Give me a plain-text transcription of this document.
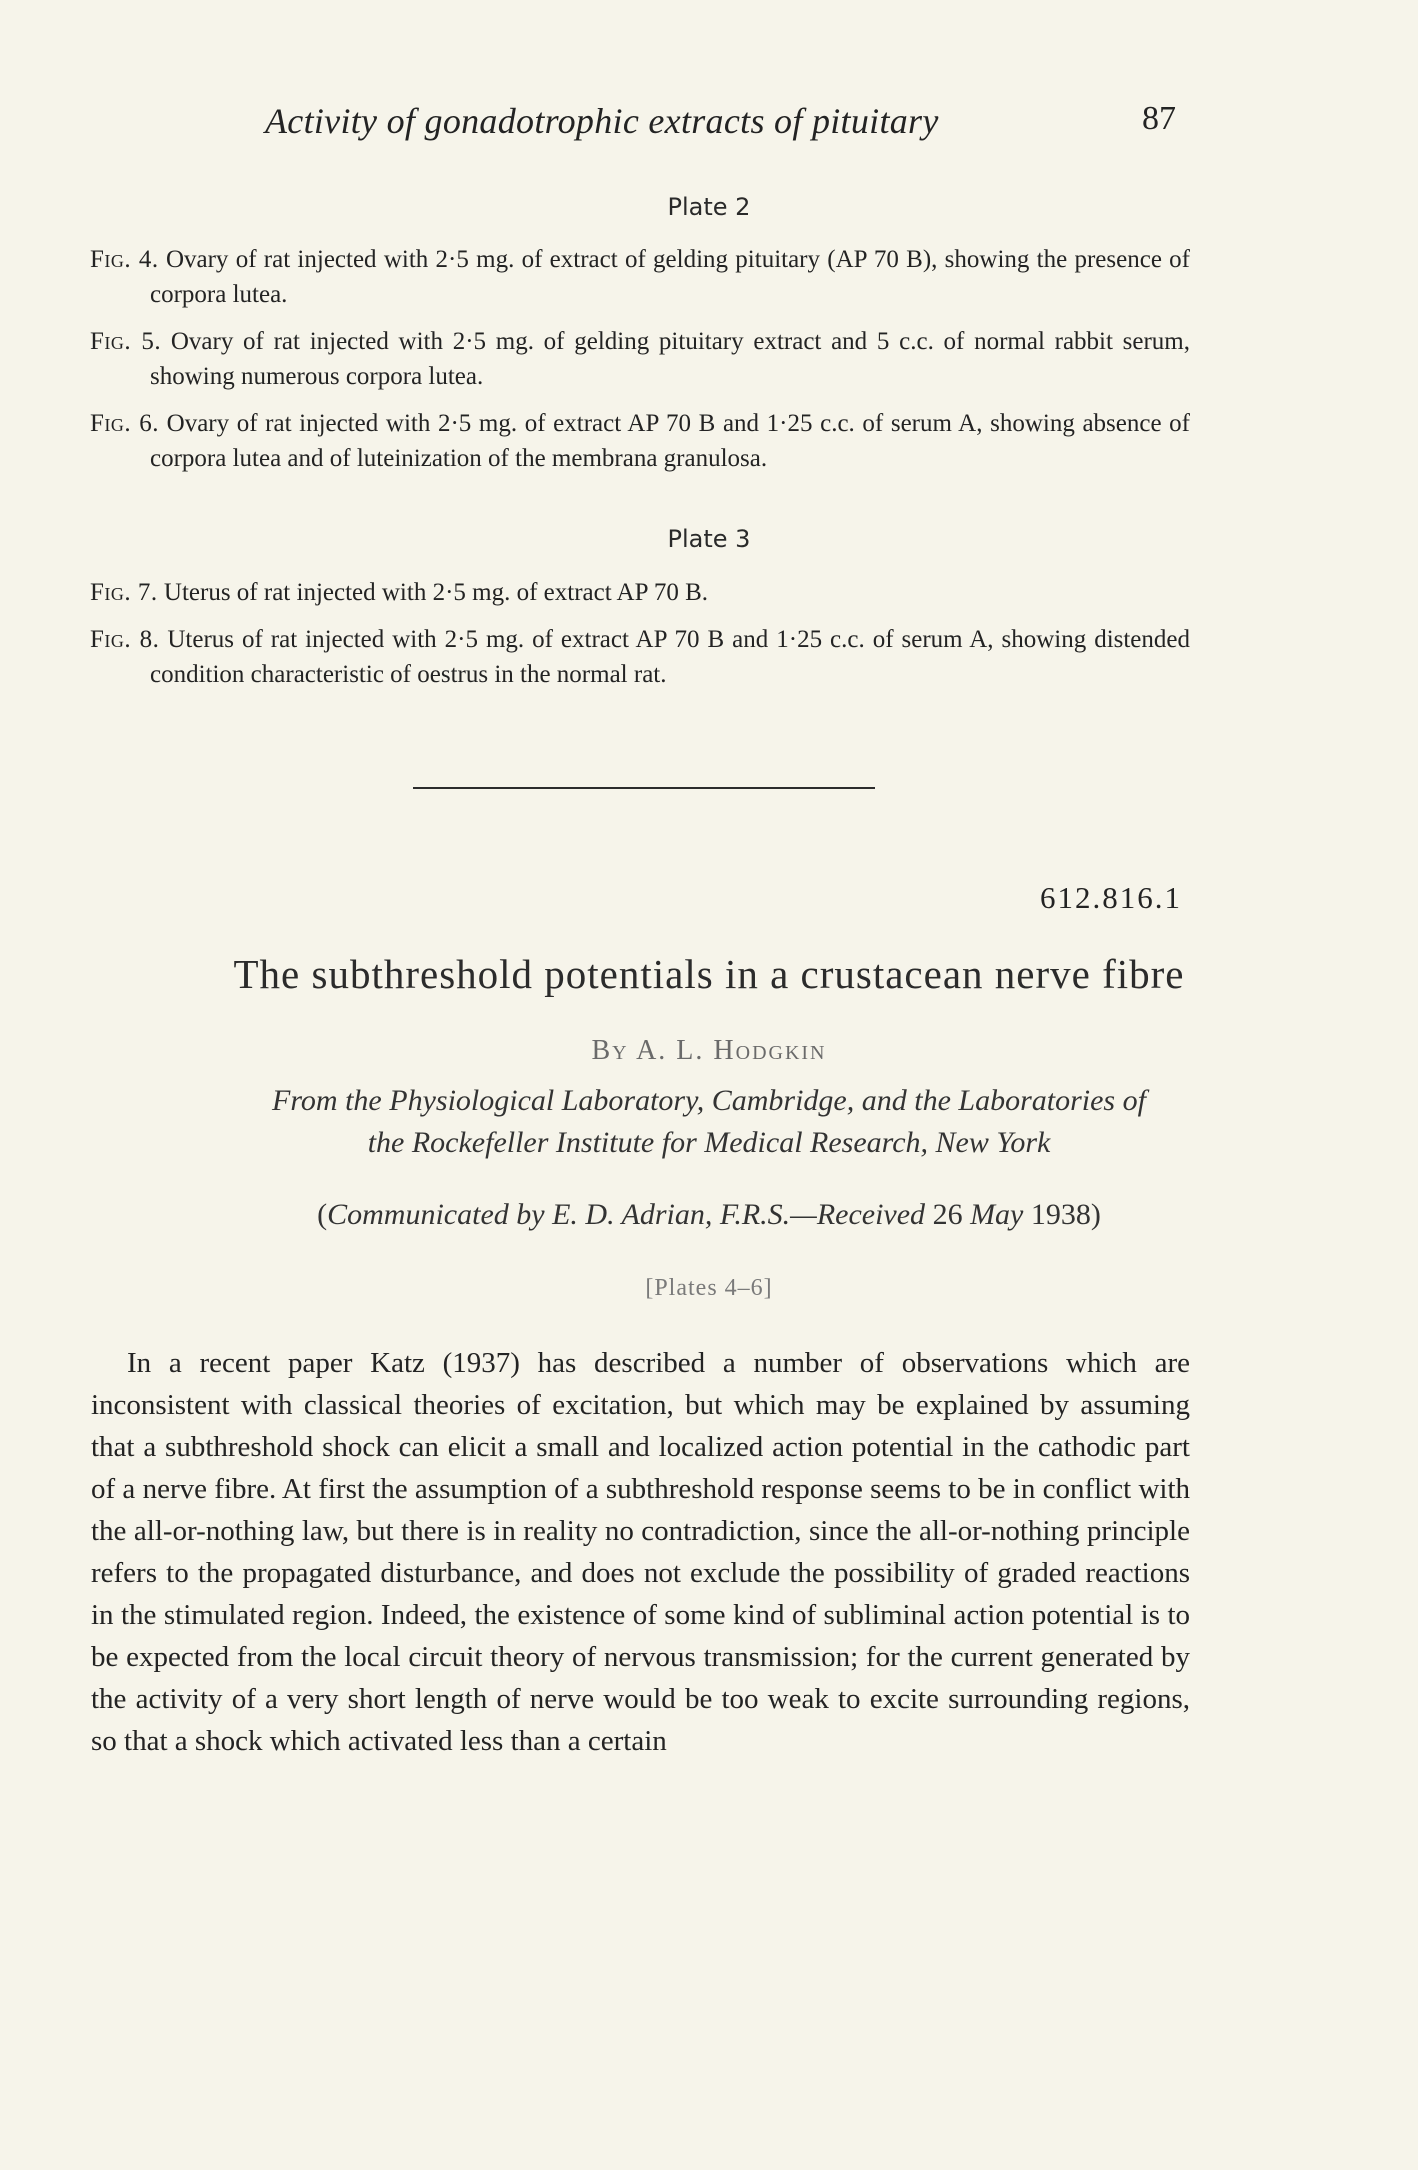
Activity of gonadotrophic extracts of pituitary	87
Plate 2

Fig. 4. Ovary of rat injected with 2·5 mg. of extract of gelding pituitary (AP 70 B), showing the presence of corpora lutea.

Fig. 5. Ovary of rat injected with 2·5 mg. of gelding pituitary extract and 5 c.c. of normal rabbit serum, showing numerous corpora lutea.

Fig. 6. Ovary of rat injected with 2·5 mg. of extract AP 70 B and 1·25 c.c. of serum A, showing absence of corpora lutea and of luteinization of the membrana granulosa.

Plate 3

Fig. 7. Uterus of rat injected with 2·5 mg. of extract AP 70 B.

Fig. 8. Uterus of rat injected with 2·5 mg. of extract AP 70 B and 1·25 c.c. of serum A, showing distended condition characteristic of oestrus in the normal rat.

612.816.1
The subthreshold potentials in a crustacean nerve fibre
By A. L. Hodgkin
From the Physiological Laboratory, Cambridge, and the Laboratories of
the Rockefeller Institute for Medical Research, New York
(Communicated by E. D. Adrian, F.R.S.—Received 26 May 1938)
[Plates 4–6]

In a recent paper Katz (1937) has described a number of observations which are inconsistent with classical theories of excitation, but which may be explained by assuming that a subthreshold shock can elicit a small and localized action potential in the cathodic part of a nerve fibre. At first the assumption of a subthreshold response seems to be in conflict with the all-or-nothing law, but there is in reality no contradiction, since the all-or-nothing principle refers to the propagated disturbance, and does not exclude the possibility of graded reactions in the stimulated region. Indeed, the existence of some kind of subliminal action potential is to be expected from the local circuit theory of nervous transmission; for the current generated by the activity of a very short length of nerve would be too weak to excite surrounding regions, so that a shock which activated less than a certain
